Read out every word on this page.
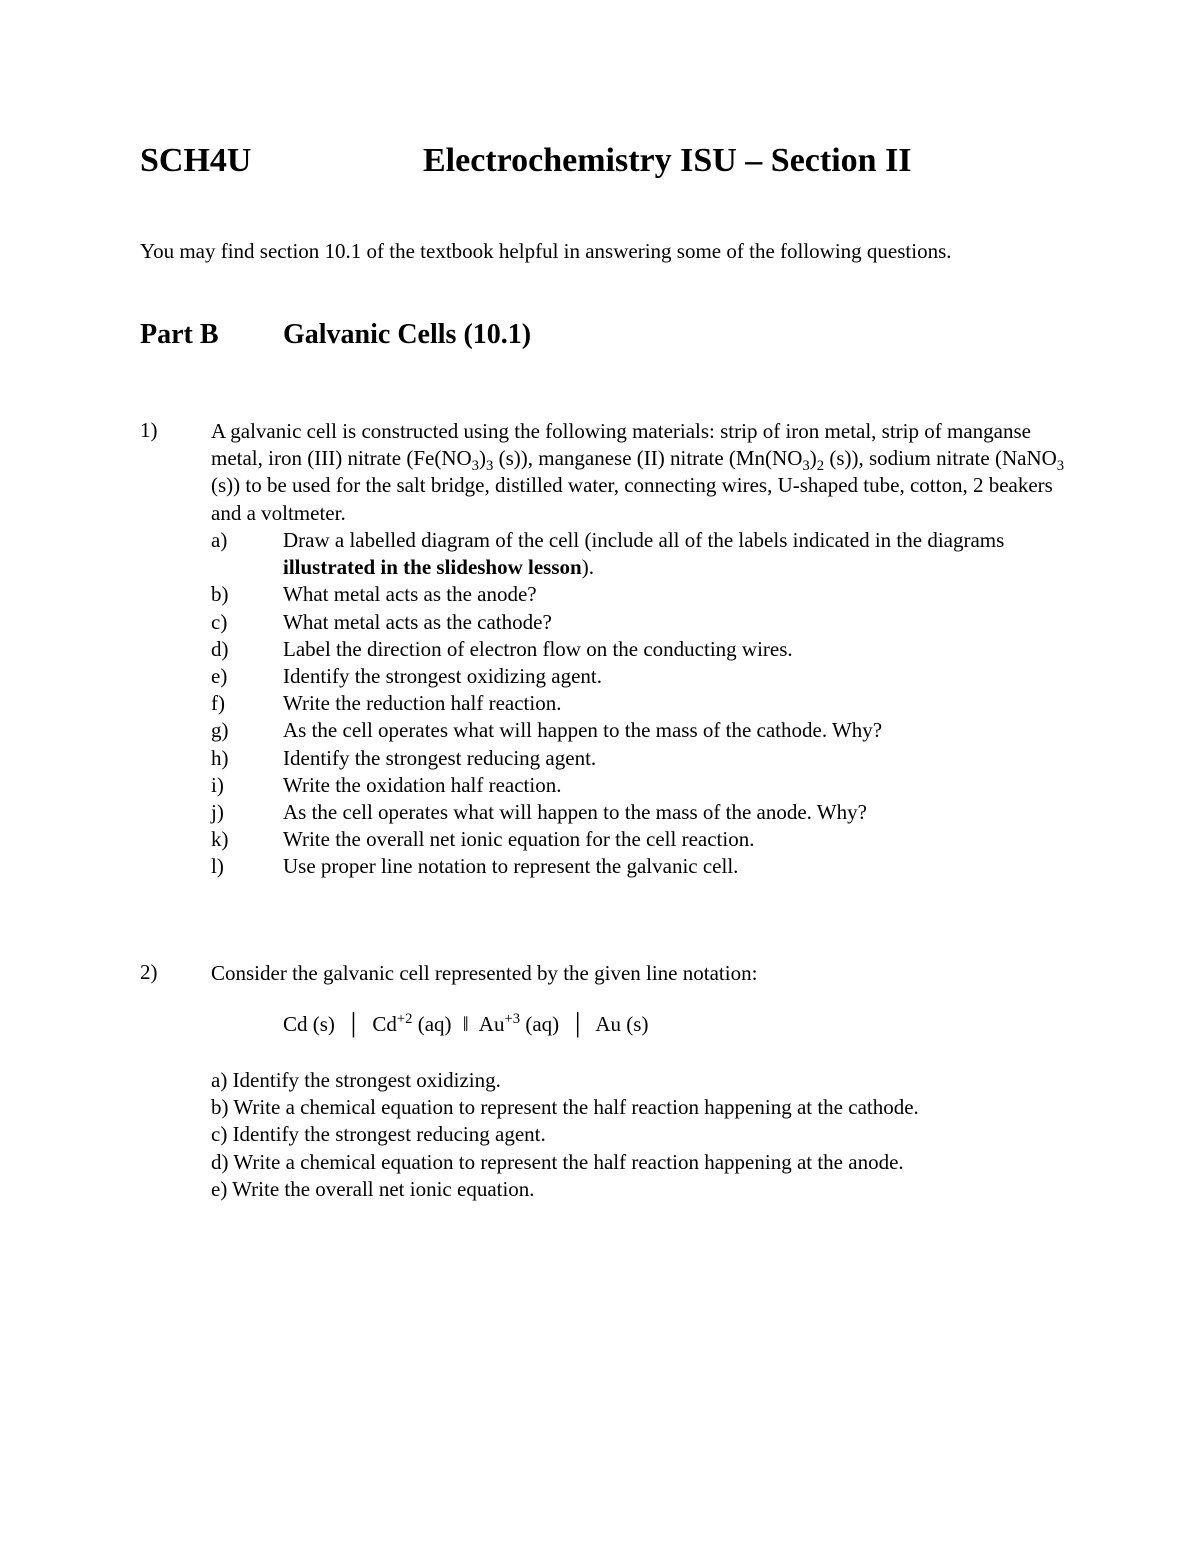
SCH4U	Electrochemistry ISU – Section II
You may find section 10.1 of the textbook helpful in answering some of the following questions.
Part B Galvanic Cells (10.1)
1)	A galvanic cell is constructed using the following materials: strip of iron metal, strip of manganse metal, iron (III) nitrate ($Fe(NO_3)_3$ (s)), manganese (II) nitrate ($Mn(NO_3)_2$ (s)), sodium nitrate (NaNO$_3$ (s)) to be used for the salt bridge, distilled water, connecting wires, U-shaped tube, cotton, 2 beakers and a voltmeter.
a)	Draw a labelled diagram of the cell (include all of the labels indicated in the diagrams illustrated in the slideshow lesson).
b)	What metal acts as the anode?
c)	What metal acts as the cathode?
d)	Label the direction of electron flow on the conducting wires.
e)	Identify the strongest oxidizing agent.
f)	Write the reduction half reaction.
g)	As the cell operates what will happen to the mass of the cathode. Why?
h)	Identify the strongest reducing agent.
i)	Write the oxidation half reaction.
j)	As the cell operates what will happen to the mass of the anode. Why?
k)	Write the overall net ionic equation for the cell reaction.
l)	Use proper line notation to represent the galvanic cell.
2)	Consider the galvanic cell represented by the given line notation:
Cd (s) │ $Cd^{+2}$ (aq) ‖ $Au^{+3}$ (aq) │ Au (s)
a) Identify the strongest oxidizing.
b) Write a chemical equation to represent the half reaction happening at the cathode.
c) Identify the strongest reducing agent.
d) Write a chemical equation to represent the half reaction happening at the anode.
e) Write the overall net ionic equation.
